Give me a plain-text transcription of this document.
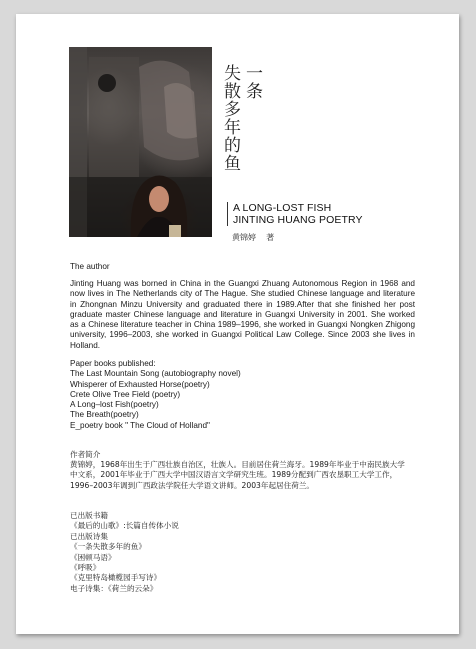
一条
失散多年的鱼
A LONG-LOST FISH
JINTING HUANG POETRY
黄锦婷    著
The author
Jinting Huang was borned in China in the Guangxi Zhuang Autonomous Region in 1968 and now lives in The Netherlands city of The Hague. She studied Chinese language and literature in Zhongnan Minzu University and graduated there in 1989.After that she finished her post graduate master Chinese language and literature in Guangxi University in 2001. She worked as a Chinese literature teacher in China 1989–1996, she worked in Guangxi Nongken Zhigong university, 1996–2003, she worked in Guangxi Political Law College. Since 2003 she lives in Holland.
Paper books published:
The Last Mountain Song (autobiography novel)
Whisperer of Exhausted Horse(poetry)
Crete Olive Tree Field (poetry)
A Long–lost Fish(poetry)
The Breath(poetry)
E_poetry book " The Cloud of Holland"
作者简介
黄锦婷，1968年出生于广西壮族自治区，壮族人。目前居住荷兰海牙。1989年毕业于中南民族大学中文系，2001年毕业于广西大学中国汉语言文学研究生班。1989分配到广西农垦职工大学工作，1996–2003年调到广西政法学院任大学语文讲师。2003年起居住荷兰。
已出版书籍
《最后的山歌》:长篇自传体小说
已出版诗集
《一条失散多年的鱼》
《困顿马语》
《呼吸》
《克里特岛橄榄园手写诗》
电子诗集：《荷兰的云朵》
